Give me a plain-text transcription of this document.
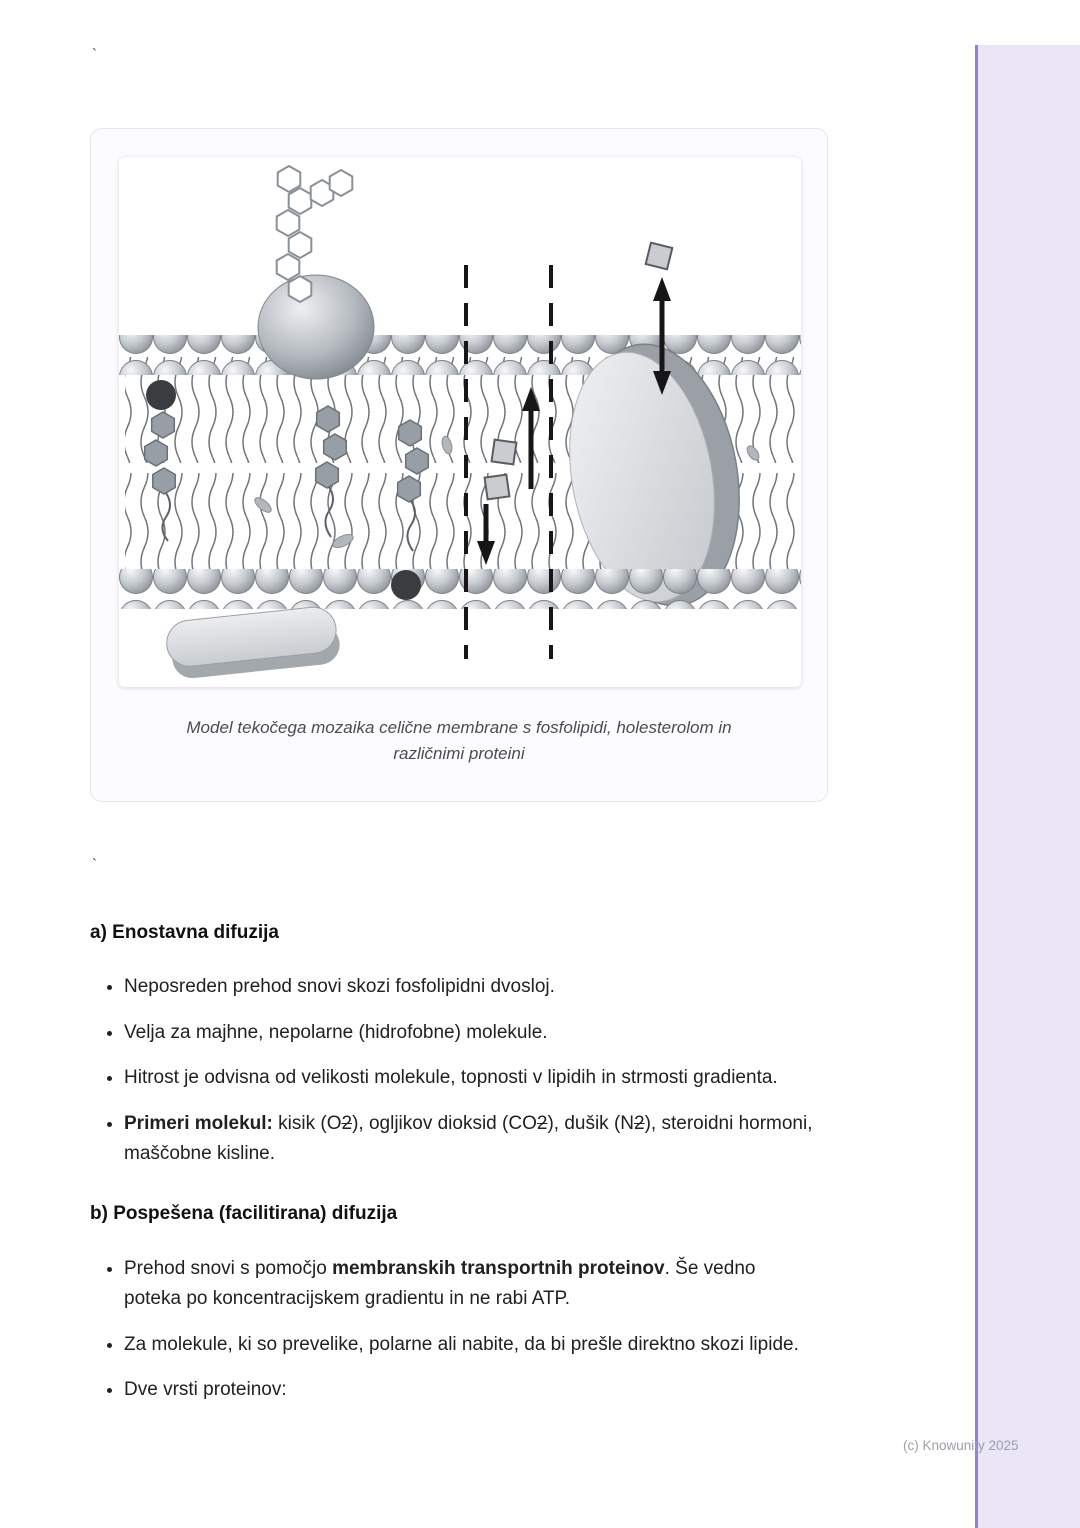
`
Model tekočega mozaika celične membrane s fosfolipidi, holesterolom in
različnimi proteini
`
a) Enostavna difuzija
• Neposreden prehod snovi skozi fosfolipidni dvosloj.
• Velja za majhne, nepolarne (hidrofobne) molekule.
• Hitrost je odvisna od velikosti molekule, topnosti v lipidih in strmosti gradienta.
• Primeri molekul: kisik (O2), ogljikov dioksid (CO2), dušik (N2), steroidni hormoni, maščobne kisline.
b) Pospešena (facilitirana) difuzija
• Prehod snovi s pomočjo membranskih transportnih proteinov. Še vedno poteka po koncentracijskem gradientu in ne rabi ATP.
• Za molekule, ki so prevelike, polarne ali nabite, da bi prešle direktno skozi lipide.
• Dve vrsti proteinov:
(c) Knowunity 2025
